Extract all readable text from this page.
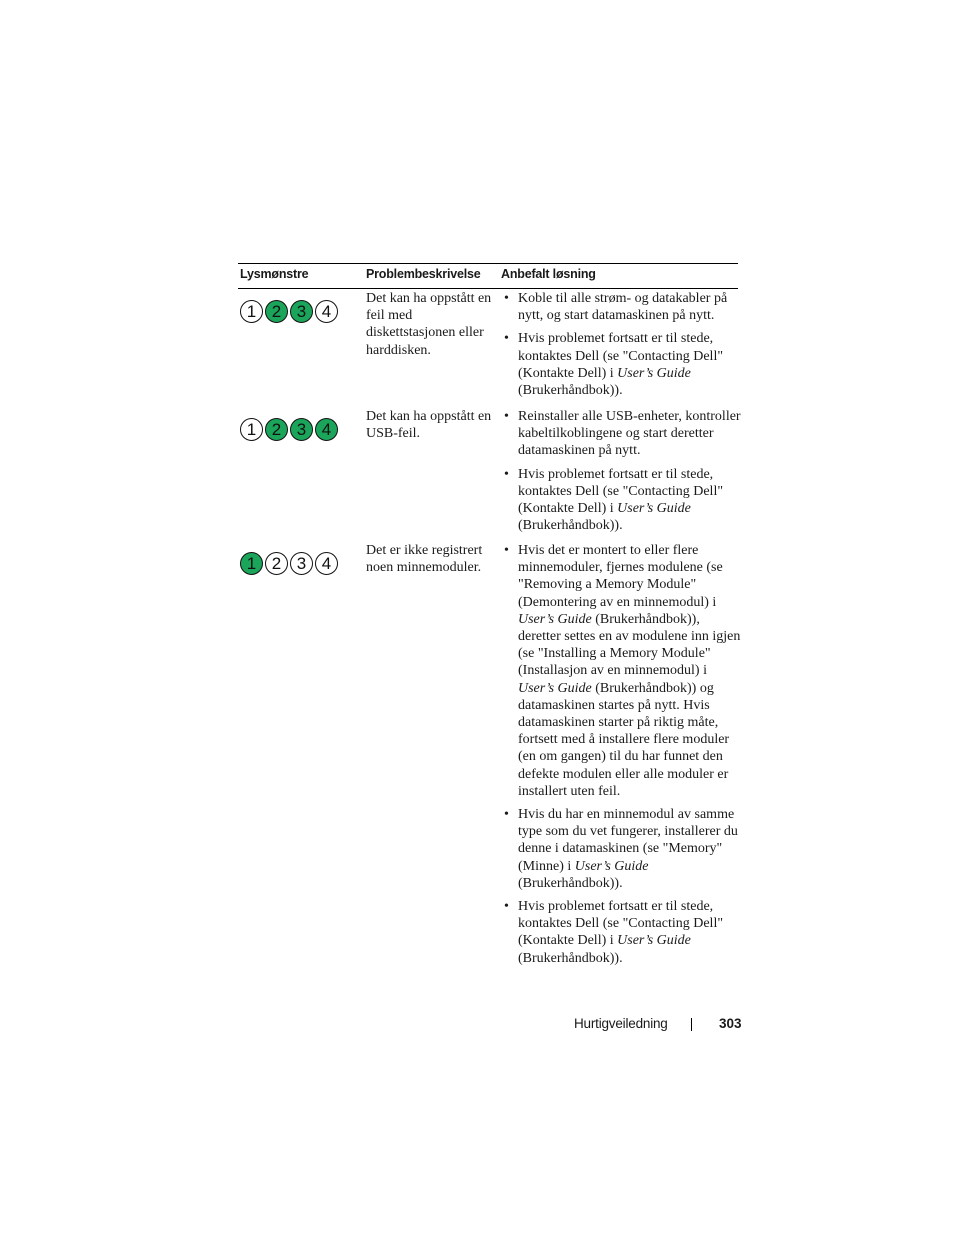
Lysmønstre	Problembeskrivelse Anbefalt løsning
1 2 3 4
Det kan ha oppstått en feil med diskettstasjonen eller harddisken.
• Koble til alle strøm- og datakabler på nytt, og start datamaskinen på nytt.
• Hvis problemet fortsatt er til stede, kontaktes Dell (se "Contacting Dell" (Kontakte Dell) i User’s Guide (Brukerhåndbok)).
1 2 3 4
Det kan ha oppstått en USB-feil.
• Reinstaller alle USB-enheter, kontroller kabeltilkoblingene og start deretter datamaskinen på nytt.
• Hvis problemet fortsatt er til stede, kontaktes Dell (se "Contacting Dell" (Kontakte Dell) i User’s Guide (Brukerhåndbok)).
1 2 3 4
Det er ikke registrert noen minnemoduler.
• Hvis det er montert to eller flere minnemoduler, fjernes modulene (se "Removing a Memory Module" (Demontering av en minnemodul) i User’s Guide (Brukerhåndbok)), deretter settes en av modulene inn igjen (se "Installing a Memory Module" (Installasjon av en minnemodul) i User’s Guide (Brukerhåndbok)) og datamaskinen startes på nytt. Hvis datamaskinen starter på riktig måte, fortsett med å installere flere moduler (en om gangen) til du har funnet den defekte modulen eller alle moduler er installert uten feil.
• Hvis du har en minnemodul av samme type som du vet fungerer, installerer du denne i datamaskinen (se "Memory" (Minne) i User’s Guide (Brukerhåndbok)).
• Hvis problemet fortsatt er til stede, kontaktes Dell (se "Contacting Dell" (Kontakte Dell) i User’s Guide (Brukerhåndbok)).
Hurtigveiledning	303
